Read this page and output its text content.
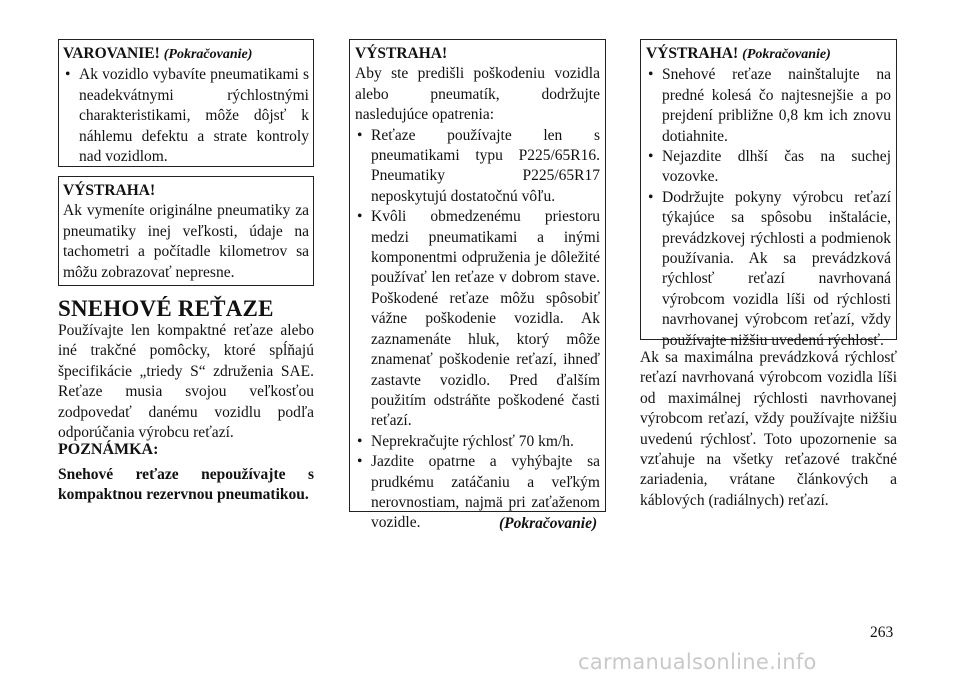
VAROVANIE! (Pokračovanie)
• Ak vozidlo vybavíte pneumatikami s neadekvátnymi rýchlostnými charakteristikami, môže dôjsť k náhlemu defektu a strate kontroly nad vozidlom.
VÝSTRAHA!
Ak vymeníte originálne pneumatiky za pneumatiky inej veľkosti, údaje na tachometri a počítadle kilometrov sa môžu zobrazovať nepresne.
SNEHOVÉ REŤAZE
Používajte len kompaktné reťaze alebo iné trakčné pomôcky, ktoré spĺňajú špecifikácie „triedy S“ združenia SAE. Reťaze musia svojou veľkosťou zodpovedať danému vozidlu podľa odporúčania výrobcu reťazí.
POZNÁMKA:
Snehové reťaze nepoužívajte s kompaktnou rezervnou pneumatikou.
VÝSTRAHA!
Aby ste predišli poškodeniu vozidla alebo pneumatík, dodržujte nasledujúce opatrenia:
• Reťaze používajte len s pneumatikami typu P225/65R16. Pneumatiky P225/65R17 neposkytujú dostatočnú vôľu.
• Kvôli obmedzenému priestoru medzi pneumatikami a inými komponentmi odpruženia je dôležité používať len reťaze v dobrom stave. Poškodené reťaze môžu spôsobiť vážne poškodenie vozidla. Ak zaznamenáte hluk, ktorý môže znamenať poškodenie reťazí, ihneď zastavte vozidlo. Pred ďalším použitím odstráňte poškodené časti reťazí.
• Neprekračujte rýchlosť 70 km/h.
• Jazdite opatrne a vyhýbajte sa prudkému zatáčaniu a veľkým nerovnostiam, najmä pri zaťaženom vozidle.	(Pokračovanie)
VÝSTRAHA! (Pokračovanie)
• Snehové reťaze nainštalujte na predné kolesá čo najtesnejšie a po prejdení približne 0,8 km ich znovu dotiahnite.
• Nejazdite dlhší čas na suchej vozovke.
• Dodržujte pokyny výrobcu reťazí týkajúce sa spôsobu inštalácie, prevádzkovej rýchlosti a podmienok používania. Ak sa prevádzková rýchlosť reťazí navrhovaná výrobcom vozidla líši od rýchlosti navrhovanej výrobcom reťazí, vždy používajte nižšiu uvedenú rýchlosť.
Ak sa maximálna prevádzková rýchlosť reťazí navrhovaná výrobcom vozidla líši od maximálnej rýchlosti navrhovanej výrobcom reťazí, vždy používajte nižšiu uvedenú rýchlosť. Toto upozornenie sa vzťahuje na všetky reťazové trakčné zariadenia, vrátane článkových a káblových (radiálnych) reťazí.
263
carmanualsonline.info
